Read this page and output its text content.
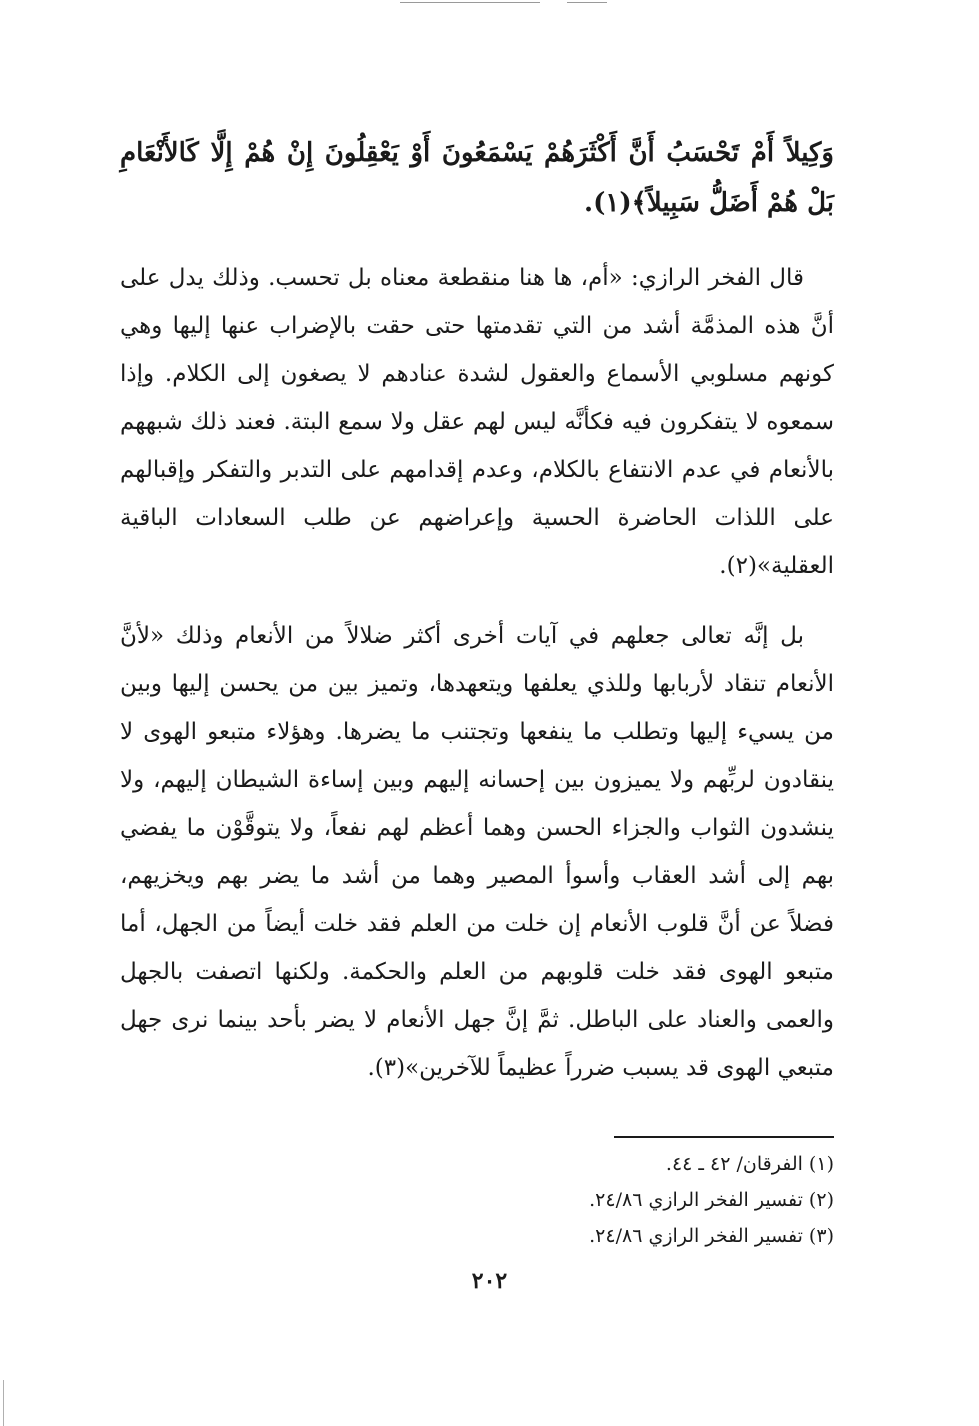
وَكِيلاً أَمْ تَحْسَبُ أَنَّ أَكْثَرَهُمْ يَسْمَعُونَ أَوْ يَعْقِلُونَ إِنْ هُمْ إِلَّا كَالأَنْعَامِ بَلْ هُمْ أَضَلُّ سَبِيلاً﴾(١).

قال الفخر الرازي: «أم، ها هنا منقطعة معناه بل تحسب. وذلك يدل على أنَّ هذه المذمَّة أشد من التي تقدمتها حتى حقت بالإضراب عنها إليها وهي كونهم مسلوبي الأسماع والعقول لشدة عنادهم لا يصغون إلى الكلام. وإذا سمعوه لا يتفكرون فيه فكأنَّه ليس لهم عقل ولا سمع البتة. فعند ذلك شبههم بالأنعام في عدم الانتفاع بالكلام، وعدم إقدامهم على التدبر والتفكر وإقبالهم على اللذات الحاضرة الحسية وإعراضهم عن طلب السعادات الباقية العقلية»(٢).

بل إنَّه تعالى جعلهم في آيات أخرى أكثر ضلالاً من الأنعام وذلك «لأنَّ الأنعام تنقاد لأربابها وللذي يعلفها ويتعهدها، وتميز بين من يحسن إليها وبين من يسيء إليها وتطلب ما ينفعها وتجتنب ما يضرها. وهؤلاء متبعو الهوى لا ينقادون لربِّهم ولا يميزون بين إحسانه إليهم وبين إساءة الشيطان إليهم، ولا ينشدون الثواب والجزاء الحسن وهما أعظم لهم نفعاً، ولا يتوقَّوْن ما يفضي بهم إلى أشد العقاب وأسوأ المصير وهما من أشد ما يضر بهم ويخزيهم، فضلاً عن أنَّ قلوب الأنعام إن خلت من العلم فقد خلت أيضاً من الجهل، أما متبعو الهوى فقد خلت قلوبهم من العلم والحكمة. ولكنها اتصفت بالجهل والعمى والعناد على الباطل. ثمَّ إنَّ جهل الأنعام لا يضر بأحد بينما نرى جهل متبعي الهوى قد يسبب ضرراً عظيماً للآخرين»(٣).

(١) الفرقان/ ٤٢ ـ ٤٤.
(٢) تفسير الفخر الرازي ٢٤/٨٦.
(٣) تفسير الفخر الرازي ٢٤/٨٦.
٢٠٢
